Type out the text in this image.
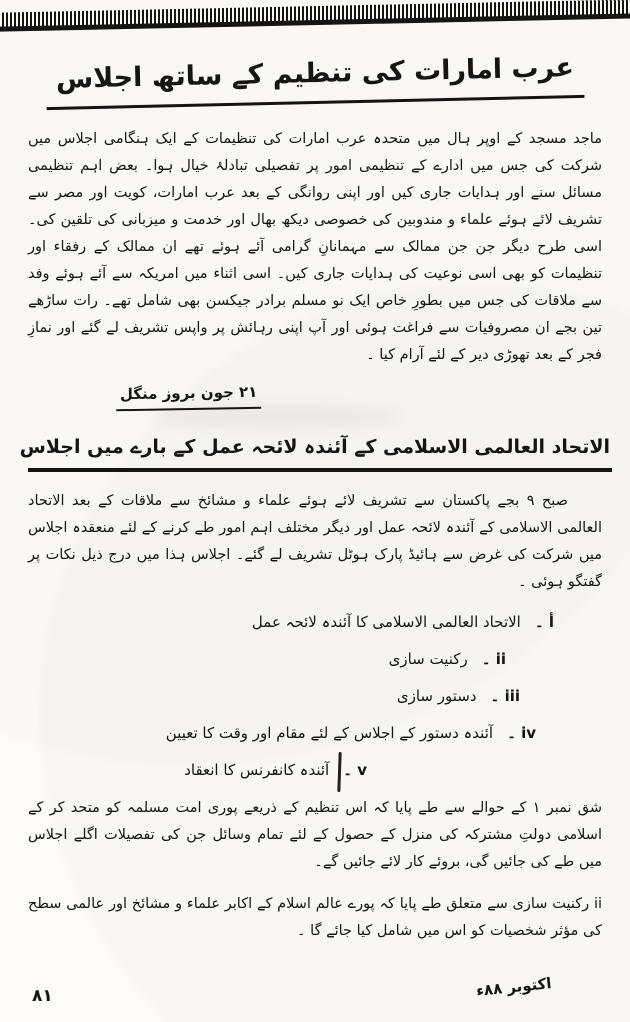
عرب امارات کی تنظیم کے ساتھ اجلاس

ماجد مسجد کے اوپر ہال میں متحدہ عرب امارات کی تنظیمات کے ایک ہنگامی اجلاس میں شرکت کی جس میں ادارے کے تنظیمی امور پر تفصیلی تبادلۂ خیال ہوا۔ بعض اہم تنظیمی مسائل سنے اور ہدایات جاری کیں اور اپنی روانگی کے بعد عرب امارات، کویت اور مصر سے تشریف لائے ہوئے علماء و مندوبین کی خصوصی دیکھ بھال اور خدمت و میزبانی کی تلقین کی۔ اسی طرح دیگر جن جن ممالک سے مہمانانِ گرامی آئے ہوئے تھے ان ممالک کے رفقاء اور تنظیمات کو بھی اسی نوعیت کی ہدایات جاری کیں۔ اسی اثناء میں امریکہ سے آئے ہوئے وفد سے ملاقات کی جس میں بطورِ خاص ایک نو مسلم برادر جیکسن بھی شامل تھے۔ رات ساڑھے تین بجے ان مصروفیات سے فراغت ہوئی اور آپ اپنی رہائش پر واپس تشریف لے گئے اور نمازِ فجر کے بعد تھوڑی دیر کے لئے آرام کیا ۔

٢١ جون بروز منگل
الاتحاد العالمی الاسلامی کے آئندہ لائحہ عمل کے بارے میں اجلاس

صبح ٩ بجے پاکستان سے تشریف لائے ہوئے علماء و مشائخ سے ملاقات کے بعد الاتحاد العالمی الاسلامی کے آئندہ لائحہ عمل اور دیگر مختلف اہم امور طے کرنے کے لئے منعقدہ اجلاس میں شرکت کی غرض سے ہائیڈ پارک ہوٹل تشریف لے گئے۔ اجلاس ہذا میں درج ذیل نکات پر گفتگو ہوئی ۔

أ ۔
الاتحاد العالمی الاسلامی کا آئندہ لائحہ عمل
ii ۔
رکنیت سازی
iii ۔
دستور سازی
iv ۔
آئندہ دستور کے اجلاس کے لئے مقام اور وقت کا تعیین
v ۔
آئندہ کانفرنس کا انعقاد

شق نمبر ١ کے حوالے سے طے پایا کہ اس تنظیم کے ذریعے پوری امت مسلمہ کو متحد کر کے اسلامی دولتِ مشترکہ کی منزل کے حصول کے لئے تمام وسائل جن کی تفصیلات اگلے اجلاس میں طے کی جائیں گی، بروئے کار لائے جائیں گے۔

ii رکنیت سازی سے متعلق طے پایا کہ پورے عالم اسلام کے اکابر علماء و مشائخ اور عالمی سطح کی مؤثر شخصیات کو اس میں شامل کیا جائے گا ۔

اکتوبر ٨٨ء
٨١
